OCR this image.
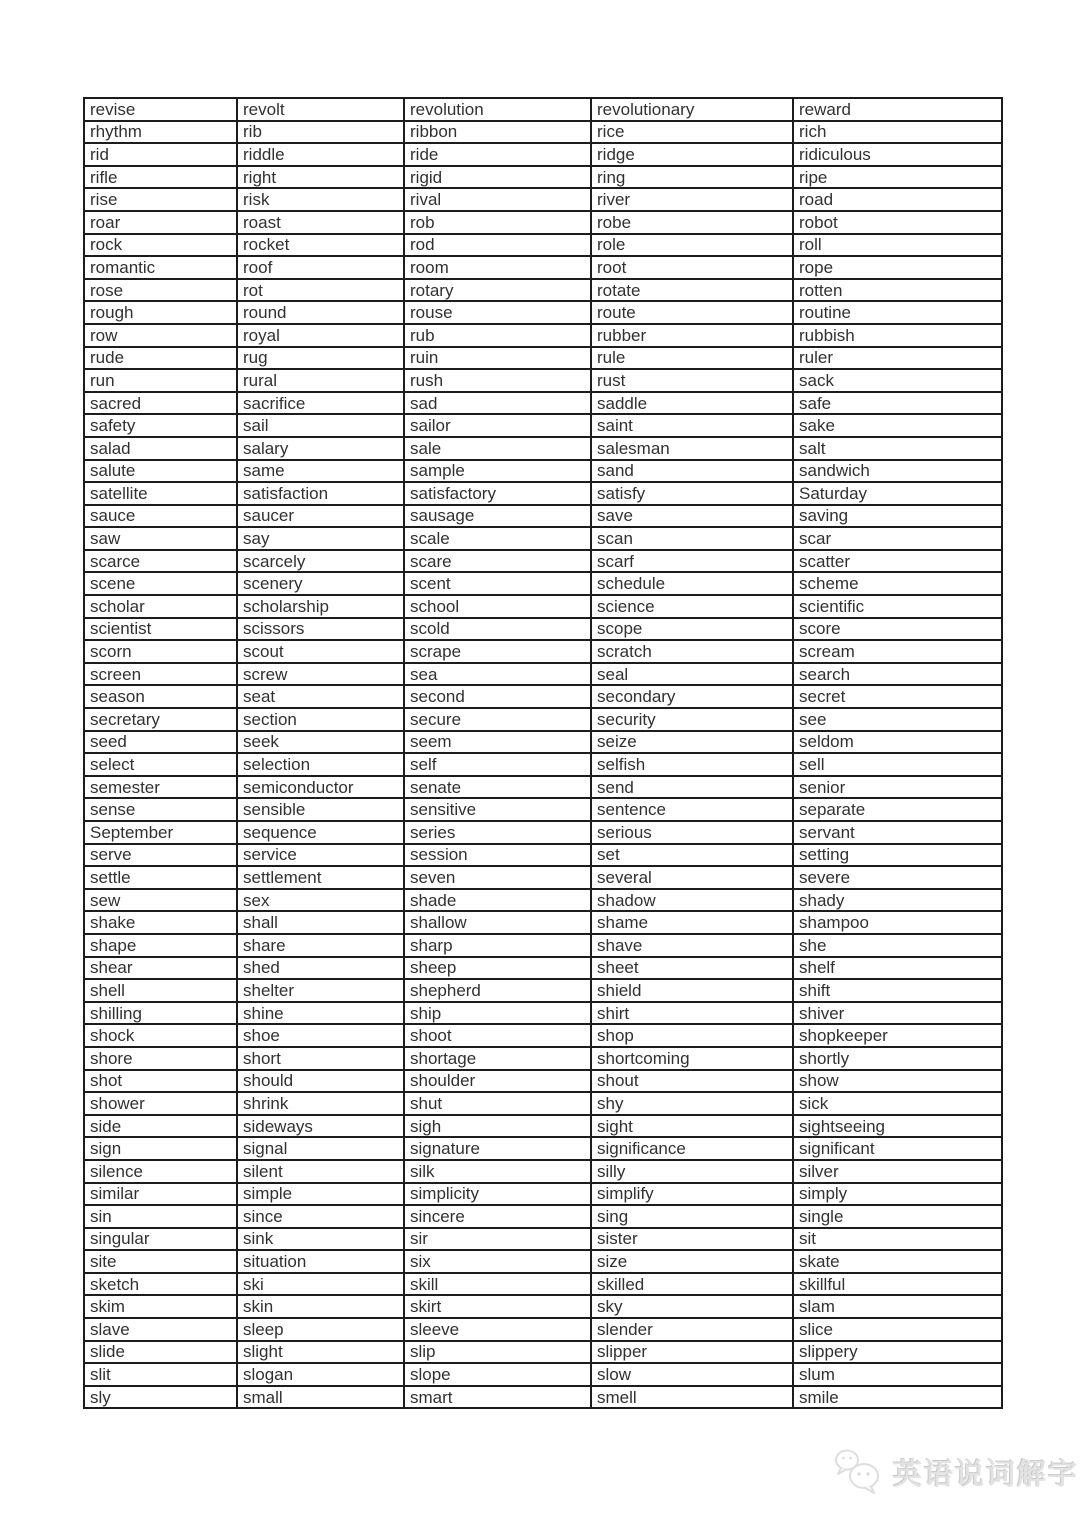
revise	revolt	revolution	revolutionary	reward
rhythm	rib	ribbon	rice	rich
rid	riddle	ride	ridge	ridiculous
rifle	right	rigid	ring	ripe
rise	risk	rival	river	road
roar	roast	rob	robe	robot
rock	rocket	rod	role	roll
romantic	roof	room	root	rope
rose	rot	rotary	rotate	rotten
rough	round	rouse	route	routine
row	royal	rub	rubber	rubbish
rude	rug	ruin	rule	ruler
run	rural	rush	rust	sack
sacred	sacrifice	sad	saddle	safe
safety	sail	sailor	saint	sake
salad	salary	sale	salesman	salt
salute	same	sample	sand	sandwich
satellite	satisfaction	satisfactory	satisfy	Saturday
sauce	saucer	sausage	save	saving
saw	say	scale	scan	scar
scarce	scarcely	scare	scarf	scatter
scene	scenery	scent	schedule	scheme
scholar	scholarship	school	science	scientific
scientist	scissors	scold	scope	score
scorn	scout	scrape	scratch	scream
screen	screw	sea	seal	search
season	seat	second	secondary	secret
secretary	section	secure	security	see
seed	seek	seem	seize	seldom
select	selection	self	selfish	sell
semester	semiconductor	senate	send	senior
sense	sensible	sensitive	sentence	separate
September	sequence	series	serious	servant
serve	service	session	set	setting
settle	settlement	seven	several	severe
sew	sex	shade	shadow	shady
shake	shall	shallow	shame	shampoo
shape	share	sharp	shave	she
shear	shed	sheep	sheet	shelf
shell	shelter	shepherd	shield	shift
shilling	shine	ship	shirt	shiver
shock	shoe	shoot	shop	shopkeeper
shore	short	shortage	shortcoming	shortly
shot	should	shoulder	shout	show
shower	shrink	shut	shy	sick
side	sideways	sigh	sight	sightseeing
sign	signal	signature	significance	significant
silence	silent	silk	silly	silver
similar	simple	simplicity	simplify	simply
sin	since	sincere	sing	single
singular	sink	sir	sister	sit
site	situation	six	size	skate
sketch	ski	skill	skilled	skillful
skim	skin	skirt	sky	slam
slave	sleep	sleeve	slender	slice
slide	slight	slip	slipper	slippery
slit	slogan	slope	slow	slum
sly	small	smart	smell	smile
英语说词解字
